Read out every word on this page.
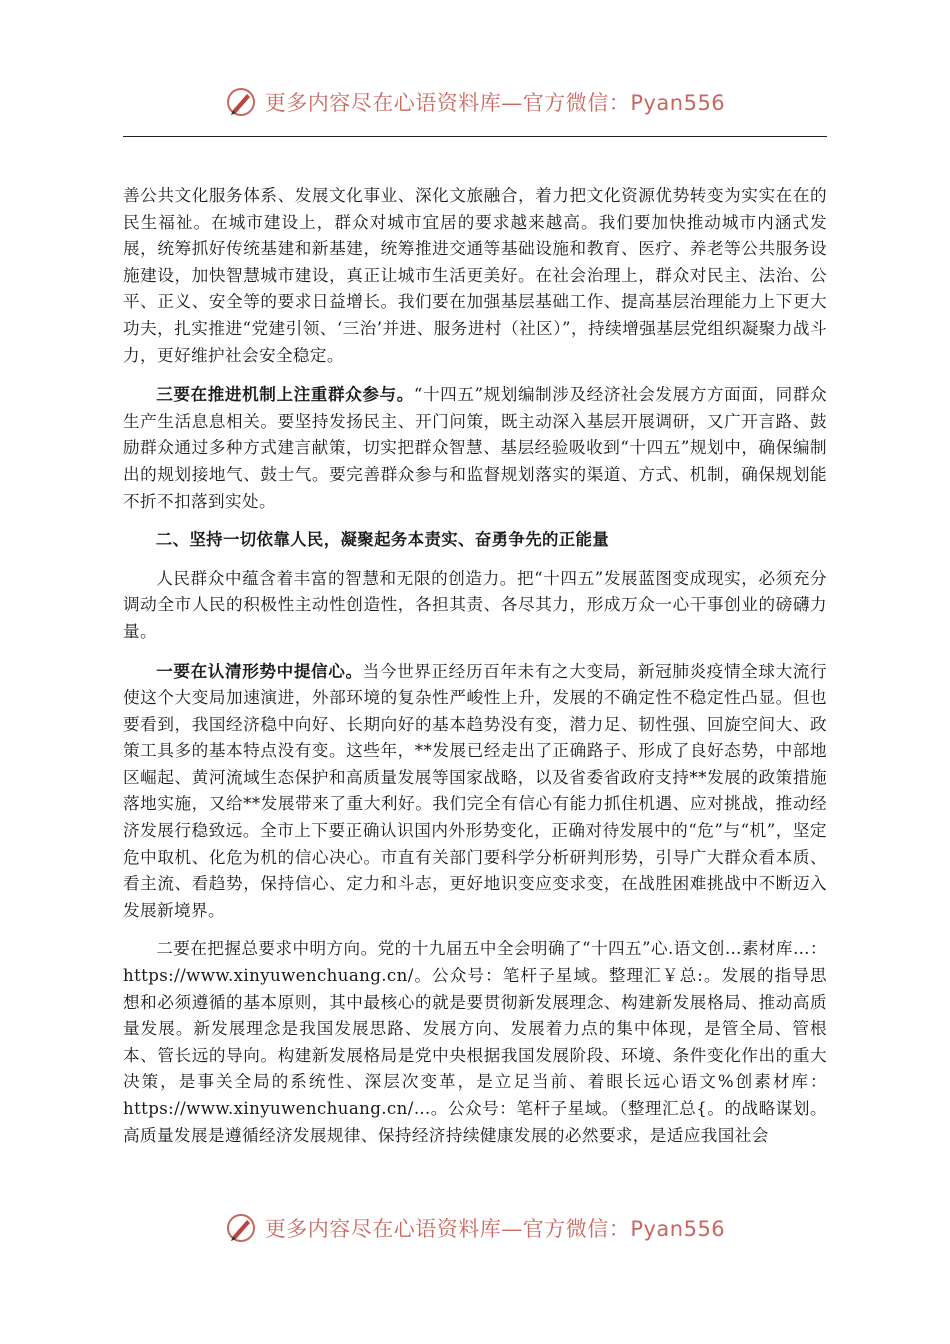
更多内容尽在心语资料库—官方微信：Pyan556

善公共文化服务体系、发展文化事业、深化文旅融合，着力把文化资源优势转变为实实在在的民生福祉。在城市建设上，群众对城市宜居的要求越来越高。我们要加快推动城市内涵式发展，统筹抓好传统基建和新基建，统筹推进交通等基础设施和教育、医疗、养老等公共服务设施建设，加快智慧城市建设，真正让城市生活更美好。在社会治理上，群众对民主、法治、公平、正义、安全等的要求日益增长。我们要在加强基层基础工作、提高基层治理能力上下更大功夫，扎实推进“党建引领、‘三治’并进、服务进村（社区）”，持续增强基层党组织凝聚力战斗力，更好维护社会安全稳定。

三要在推进机制上注重群众参与。“十四五”规划编制涉及经济社会发展方方面面，同群众生产生活息息相关。要坚持发扬民主、开门问策，既主动深入基层开展调研，又广开言路、鼓励群众通过多种方式建言献策，切实把群众智慧、基层经验吸收到“十四五”规划中，确保编制出的规划接地气、鼓士气。要完善群众参与和监督规划落实的渠道、方式、机制，确保规划能不折不扣落到实处。

二、坚持一切依靠人民，凝聚起务本责实、奋勇争先的正能量

人民群众中蕴含着丰富的智慧和无限的创造力。把“十四五”发展蓝图变成现实，必须充分调动全市人民的积极性主动性创造性，各担其责、各尽其力，形成万众一心干事创业的磅礴力量。

一要在认清形势中提信心。当今世界正经历百年未有之大变局，新冠肺炎疫情全球大流行使这个大变局加速演进，外部环境的复杂性严峻性上升，发展的不确定性不稳定性凸显。但也要看到，我国经济稳中向好、长期向好的基本趋势没有变，潜力足、韧性强、回旋空间大、政策工具多的基本特点没有变。这些年，**发展已经走出了正确路子、形成了良好态势，中部地区崛起、黄河流域生态保护和高质量发展等国家战略，以及省委省政府支持**发展的政策措施落地实施，又给**发展带来了重大利好。我们完全有信心有能力抓住机遇、应对挑战，推动经济发展行稳致远。全市上下要正确认识国内外形势变化，正确对待发展中的“危”与“机”，坚定危中取机、化危为机的信心决心。市直有关部门要科学分析研判形势，引导广大群众看本质、看主流、看趋势，保持信心、定力和斗志，更好地识变应变求变，在战胜困难挑战中不断迈入发展新境界。

二要在把握总要求中明方向。党的十九届五中全会明确了“十四五”心.语文创…素材库…：https://www.xinyuwenchuang.cn/。公众号：笔杆子星域。整理汇￥总:。发展的指导思想和必须遵循的基本原则，其中最核心的就是要贯彻新发展理念、构建新发展格局、推动高质量发展。新发展理念是我国发展思路、发展方向、发展着力点的集中体现，是管全局、管根本、管长远的导向。构建新发展格局是党中央根据我国发展阶段、环境、条件变化作出的重大决策，是事关全局的系统性、深层次变革，是立足当前、着眼长远心语文%创素材库：https://www.xinyuwenchuang.cn/…。公众号：笔杆子星域。（整理汇总{。的战略谋划。高质量发展是遵循经济发展规律、保持经济持续健康发展的必然要求，是适应我国社会

更多内容尽在心语资料库—官方微信：Pyan556
